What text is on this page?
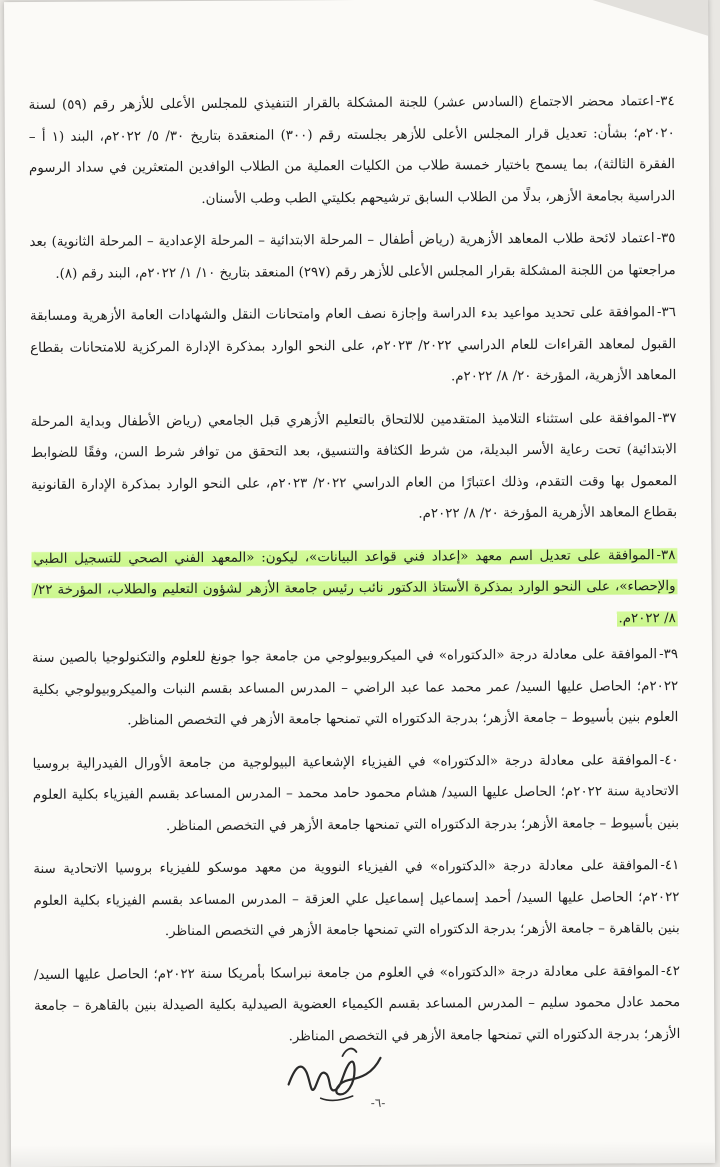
٣٤-اعتماد محضر الاجتماع (السادس عشر) للجنة المشكلة بالقرار التنفيذي للمجلس الأعلى للأزهر رقم (٥٩) لسنة ٢٠٢٠م؛ بشأن: تعديل قرار المجلس الأعلى للأزهر بجلسته رقم (٣٠٠) المنعقدة بتاريخ ٣٠/ ٥/ ٢٠٢٢م، البند (١ أ – الفقرة الثالثة)، بما يسمح باختيار خمسة طلاب من الكليات العملية من الطلاب الوافدين المتعثرين في سداد الرسوم الدراسية بجامعة الأزهر، بدلًا من الطلاب السابق ترشيحهم بكليتي الطب وطب الأسنان.

٣٥-اعتماد لائحة طلاب المعاهد الأزهرية (رياض أطفال – المرحلة الابتدائية – المرحلة الإعدادية – المرحلة الثانوية) بعد مراجعتها من اللجنة المشكلة بقرار المجلس الأعلى للأزهر رقم (٢٩٧) المنعقد بتاريخ ١٠/ ١/ ٢٠٢٢م، البند رقم (٨).

٣٦-الموافقة على تحديد مواعيد بدء الدراسة وإجازة نصف العام وامتحانات النقل والشهادات العامة الأزهرية ومسابقة القبول لمعاهد القراءات للعام الدراسي ٢٠٢٢/ ٢٠٢٣م، على النحو الوارد بمذكرة الإدارة المركزية للامتحانات بقطاع المعاهد الأزهرية، المؤرخة ٢٠/ ٨/ ٢٠٢٢م.

٣٧-الموافقة على استثناء التلاميذ المتقدمين للالتحاق بالتعليم الأزهري قبل الجامعي (رياض الأطفال وبداية المرحلة الابتدائية) تحت رعاية الأسر البديلة، من شرط الكثافة والتنسيق، بعد التحقق من توافر شرط السن، وفقًا للضوابط المعمول بها وقت التقدم، وذلك اعتبارًا من العام الدراسي ٢٠٢٢/ ٢٠٢٣م، على النحو الوارد بمذكرة الإدارة القانونية بقطاع المعاهد الأزهرية المؤرخة ٢٠/ ٨/ ٢٠٢٢م.

٣٨-الموافقة على تعديل اسم معهد «إعداد فني قواعد البيانات»، ليكون: «المعهد الفني الصحي للتسجيل الطبي والإحصاء»، على النحو الوارد بمذكرة الأستاذ الدكتور نائب رئيس جامعة الأزهر لشؤون التعليم والطلاب، المؤرخة ٢٢/ ٨/ ٢٠٢٢م.

٣٩-الموافقة على معادلة درجة «الدكتوراه» في الميكروبيولوجي من جامعة جوا جونغ للعلوم والتكنولوجيا بالصين سنة ٢٠٢٢م؛ الحاصل عليها السيد/ عمر محمد عما عبد الراضي – المدرس المساعد بقسم النبات والميكروبيولوجي بكلية العلوم بنين بأسيوط – جامعة الأزهر؛ بدرجة الدكتوراه التي تمنحها جامعة الأزهر في التخصص المناظر.

٤٠-الموافقة على معادلة درجة «الدكتوراه» في الفيزياء الإشعاعية البيولوجية من جامعة الأورال الفيدرالية بروسيا الاتحادية سنة ٢٠٢٢م؛ الحاصل عليها السيد/ هشام محمود حامد محمد – المدرس المساعد بقسم الفيزياء بكلية العلوم بنين بأسيوط – جامعة الأزهر؛ بدرجة الدكتوراه التي تمنحها جامعة الأزهر في التخصص المناظر.

٤١-الموافقة على معادلة درجة «الدكتوراه» في الفيزياء النووية من معهد موسكو للفيزياء بروسيا الاتحادية سنة ٢٠٢٢م؛ الحاصل عليها السيد/ أحمد إسماعيل إسماعيل علي العزقة – المدرس المساعد بقسم الفيزياء بكلية العلوم بنين بالقاهرة – جامعة الأزهر؛ بدرجة الدكتوراه التي تمنحها جامعة الأزهر في التخصص المناظر.

٤٢-الموافقة على معادلة درجة «الدكتوراه» في العلوم من جامعة نبراسكا بأمريكا سنة ٢٠٢٢م؛ الحاصل عليها السيد/ محمد عادل محمود سليم – المدرس المساعد بقسم الكيمياء العضوية الصيدلية بكلية الصيدلة بنين بالقاهرة – جامعة الأزهر؛ بدرجة الدكتوراه التي تمنحها جامعة الأزهر في التخصص المناظر.

-٦-
